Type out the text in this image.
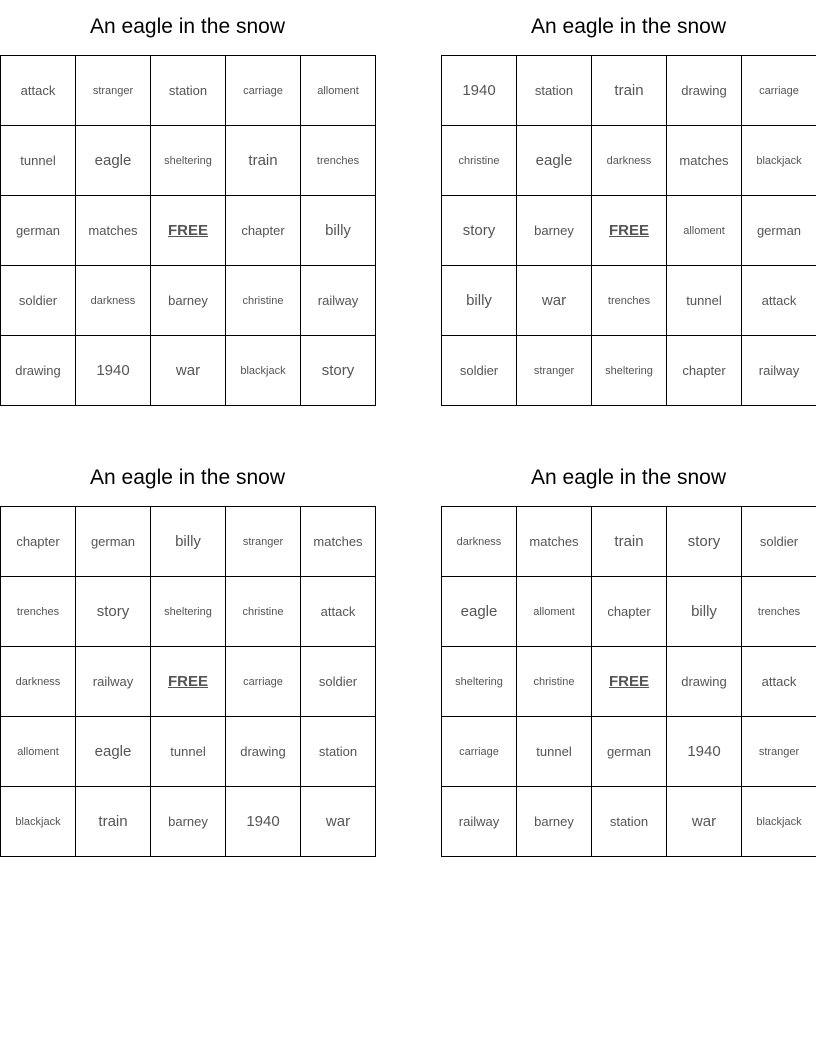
An eagle in the snow
attack	stranger	station	carriage	alloment
tunnel	eagle	sheltering	train	trenches
german	matches	FREE	chapter	billy
soldier	darkness	barney	christine	railway
drawing	1940	war	blackjack	story
An eagle in the snow
1940	station	train	drawing	carriage
christine	eagle	darkness	matches	blackjack
story	barney	FREE	alloment	german
billy	war	trenches	tunnel	attack
soldier	stranger	sheltering	chapter	railway
An eagle in the snow
chapter	german	billy	stranger	matches
trenches	story	sheltering	christine	attack
darkness	railway	FREE	carriage	soldier
alloment	eagle	tunnel	drawing	station
blackjack	train	barney	1940	war
An eagle in the snow
darkness	matches	train	story	soldier
eagle	alloment	chapter	billy	trenches
sheltering	christine	FREE	drawing	attack
carriage	tunnel	german	1940	stranger
railway	barney	station	war	blackjack
